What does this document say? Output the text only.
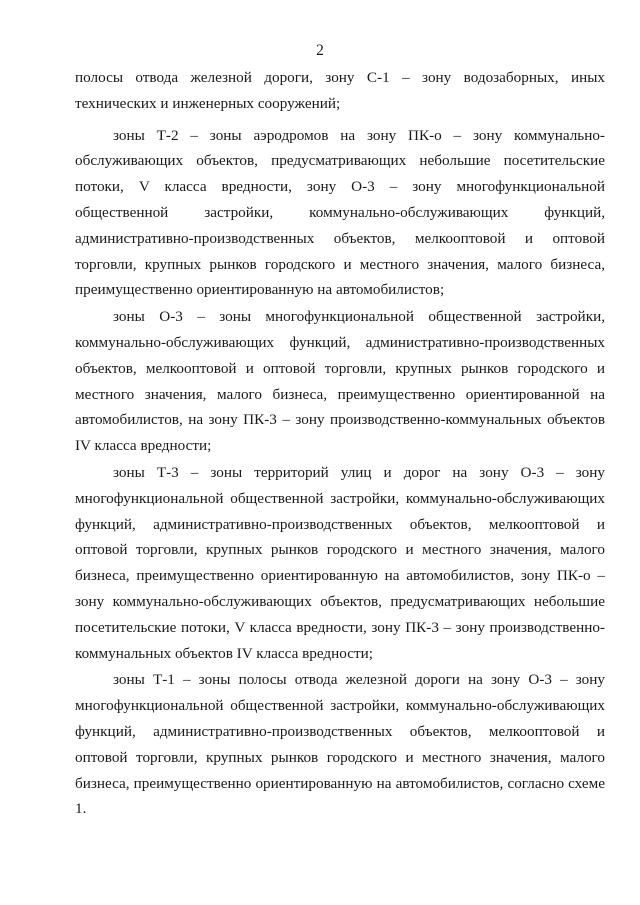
2

полосы отвода железной дороги, зону С-1 – зону водозаборных, иных технических и инженерных сооружений;

зоны Т-2 – зоны аэродромов на зону ПК-о – зону коммунально-обслуживающих объектов, предусматривающих небольшие посетительские потоки, V класса вредности, зону О-3 – зону многофункциональной общественной застройки, коммунально-обслуживающих функций, административно-производственных объектов, мелкооптовой и оптовой торговли, крупных рынков городского и местного значения, малого бизнеса, преимущественно ориентированную на автомобилистов;

зоны О-3 – зоны многофункциональной общественной застройки, коммунально-обслуживающих функций, административно-производственных объектов, мелкооптовой и оптовой торговли, крупных рынков городского и местного значения, малого бизнеса, преимущественно ориентированной на автомобилистов, на зону ПК-3 – зону производственно-коммунальных объектов IV класса вредности;

зоны Т-3 – зоны территорий улиц и дорог на зону О-3 – зону многофункциональной общественной застройки, коммунально-обслуживающих функций, административно-производственных объектов, мелкооптовой и оптовой торговли, крупных рынков городского и местного значения, малого бизнеса, преимущественно ориентированную на автомобилистов, зону ПК-о – зону коммунально-обслуживающих объектов, предусматривающих небольшие посетительские потоки, V класса вредности, зону ПК-3 – зону производственно-коммунальных объектов IV класса вредности;

зоны Т-1 – зоны полосы отвода железной дороги на зону О-3 – зону многофункциональной общественной застройки, коммунально-обслуживающих функций, административно-производственных объектов, мелкооптовой и оптовой торговли, крупных рынков городского и местного значения, малого бизнеса, преимущественно ориентированную на автомобилистов, согласно схеме 1.
